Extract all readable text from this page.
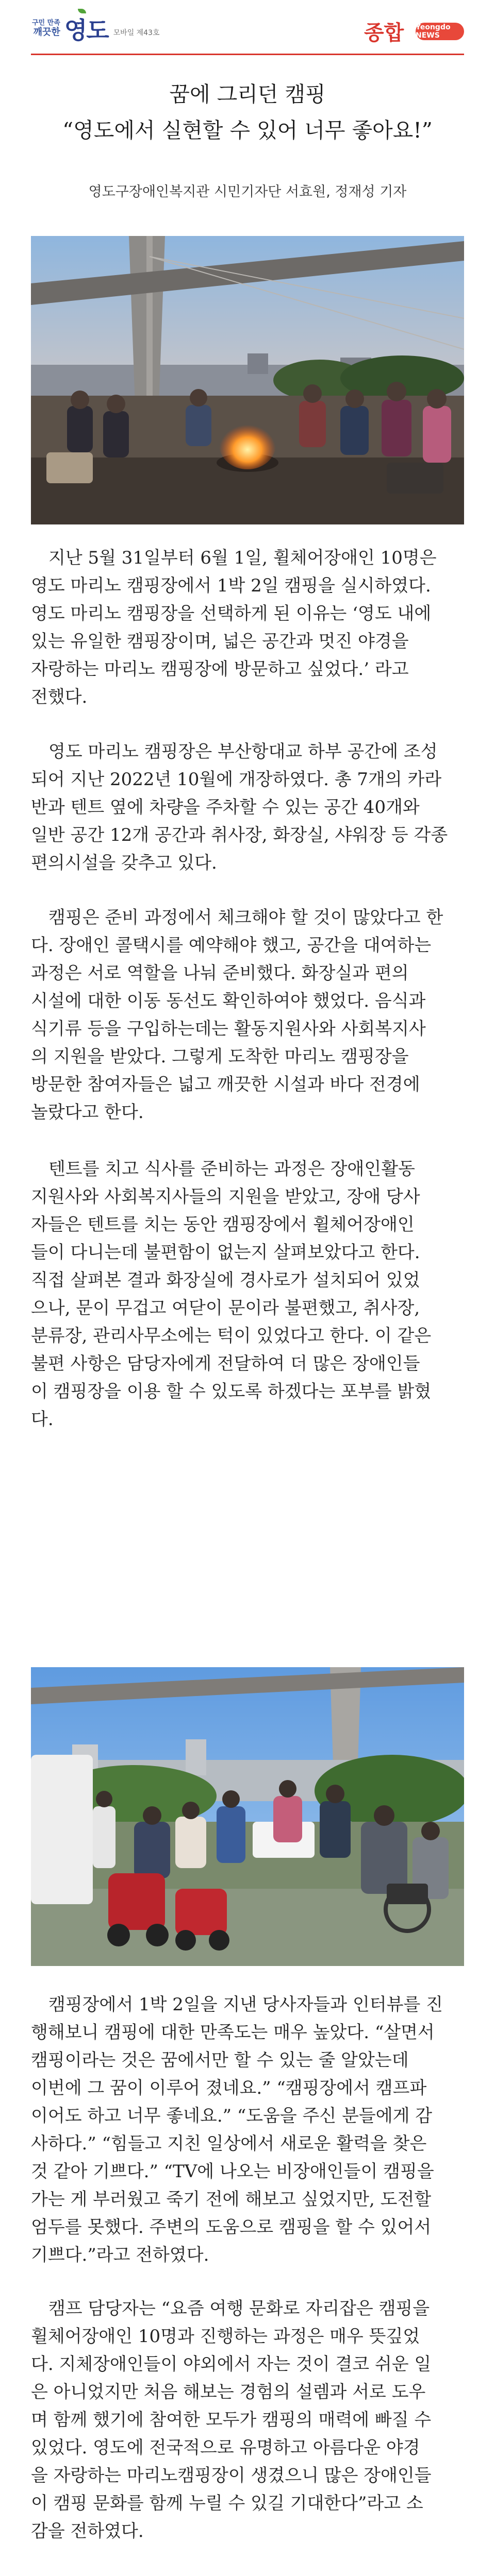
구민 만족
깨끗한 영도 모바일 제43호	종합 Yeongdo NEWS
꿈에 그리던 캠핑
“영도에서 실현할 수 있어 너무 좋아요!”
영도구장애인복지관 시민기자단 서효원, 정재성 기자
지난 5월 31일부터 6월 1일, 휠체어장애인 10명은
영도 마리노 캠핑장에서 1박 2일 캠핑을 실시하였다.
영도 마리노 캠핑장을 선택하게 된 이유는 ‘영도 내에
있는 유일한 캠핑장이며, 넓은 공간과 멋진 야경을
자랑하는 마리노 캠핑장에 방문하고 싶었다.’ 라고
전했다.
영도 마리노 캠핑장은 부산항대교 하부 공간에 조성
되어 지난 2022년 10월에 개장하였다. 총 7개의 카라
반과 텐트 옆에 차량을 주차할 수 있는 공간 40개와
일반 공간 12개 공간과 취사장, 화장실, 샤워장 등 각종
편의시설을 갖추고 있다.
캠핑은 준비 과정에서 체크해야 할 것이 많았다고 한
다. 장애인 콜택시를 예약해야 했고, 공간을 대여하는
과정은 서로 역할을 나눠 준비했다. 화장실과 편의
시설에 대한 이동 동선도 확인하여야 했었다. 음식과
식기류 등을 구입하는데는 활동지원사와 사회복지사
의 지원을 받았다. 그렇게 도착한 마리노 캠핑장을
방문한 참여자들은 넓고 깨끗한 시설과 바다 전경에
놀랐다고 한다.
텐트를 치고 식사를 준비하는 과정은 장애인활동
지원사와 사회복지사들의 지원을 받았고, 장애 당사
자들은 텐트를 치는 동안 캠핑장에서 휠체어장애인
들이 다니는데 불편함이 없는지 살펴보았다고 한다.
직접 살펴본 결과 화장실에 경사로가 설치되어 있었
으나, 문이 무겁고 여닫이 문이라 불편했고, 취사장,
분류장, 관리사무소에는 턱이 있었다고 한다. 이 같은
불편 사항은 담당자에게 전달하여 더 많은 장애인들
이 캠핑장을 이용 할 수 있도록 하겠다는 포부를 밝혔
다.
캠핑장에서 1박 2일을 지낸 당사자들과 인터뷰를 진
행해보니 캠핑에 대한 만족도는 매우 높았다. “살면서
캠핑이라는 것은 꿈에서만 할 수 있는 줄 알았는데
이번에 그 꿈이 이루어 졌네요.” “캠핑장에서 캠프파
이어도 하고 너무 좋네요.” “도움을 주신 분들에게 감
사하다.” “힘들고 지친 일상에서 새로운 활력을 찾은
것 같아 기쁘다.” “TV에 나오는 비장애인들이 캠핑을
가는 게 부러웠고 죽기 전에 해보고 싶었지만, 도전할
엄두를 못했다. 주변의 도움으로 캠핑을 할 수 있어서
기쁘다.”라고 전하였다.
캠프 담당자는 “요즘 여행 문화로 자리잡은 캠핑을
휠체어장애인 10명과 진행하는 과정은 매우 뜻깊었
다. 지체장애인들이 야외에서 자는 것이 결코 쉬운 일
은 아니었지만 처음 해보는 경험의 설렘과 서로 도우
며 함께 했기에 참여한 모두가 캠핑의 매력에 빠질 수
있었다. 영도에 전국적으로 유명하고 아름다운 야경
을 자랑하는 마리노캠핑장이 생겼으니 많은 장애인들
이 캠핑 문화를 함께 누릴 수 있길 기대한다”라고 소
감을 전하였다.
